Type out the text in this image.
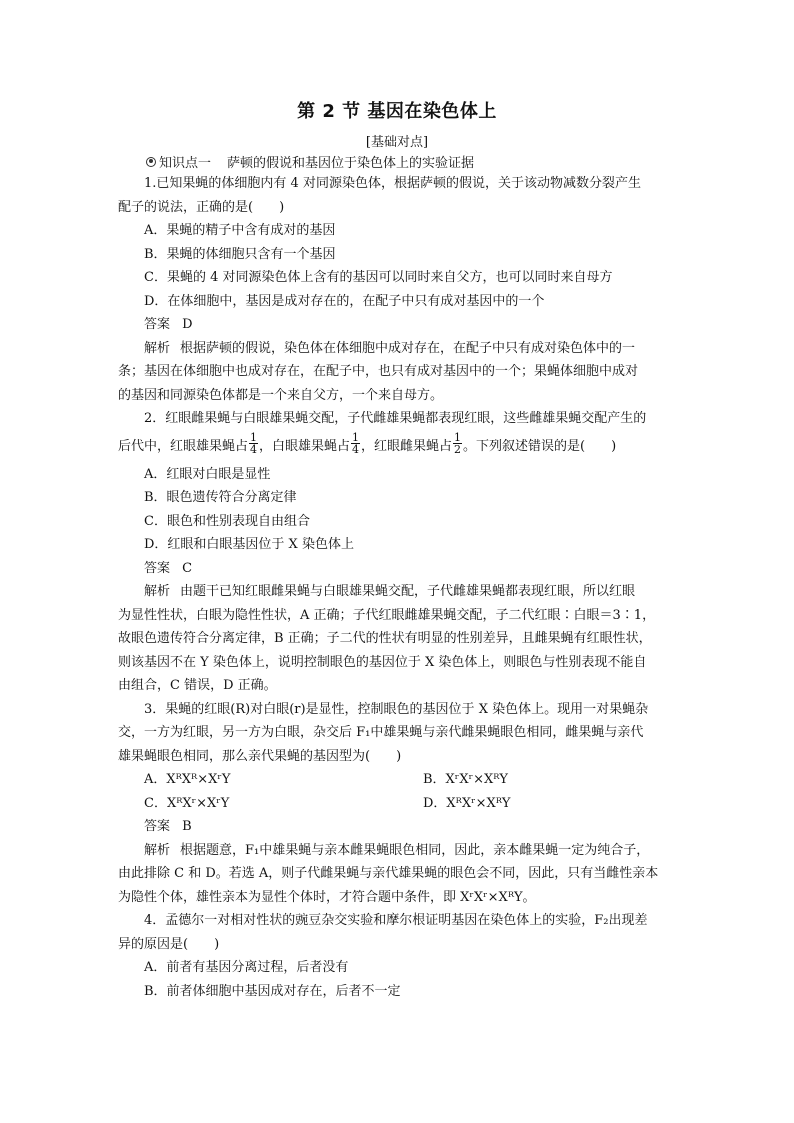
第 2 节 基因在染色体上
[基础对点]
知识点一 萨顿的假说和基因位于染色体上的实验证据
1.已知果蝇的体细胞内有 4 对同源染色体，根据萨顿的假说，关于该动物减数分裂产生
配子的说法，正确的是(　　)
A．果蝇的精子中含有成对的基因
B．果蝇的体细胞只含有一个基因
C．果蝇的 4 对同源染色体上含有的基因可以同时来自父方，也可以同时来自母方
D．在体细胞中，基因是成对存在的，在配子中只有成对基因中的一个
答案 D
解析 根据萨顿的假说，染色体在体细胞中成对存在，在配子中只有成对染色体中的一
条；基因在体细胞中也成对存在，在配子中，也只有成对基因中的一个；果蝇体细胞中成对
的基因和同源染色体都是一个来自父方，一个来自母方。
2．红眼雌果蝇与白眼雄果蝇交配，子代雌雄果蝇都表现红眼，这些雌雄果蝇交配产生的
后代中，红眼雄果蝇占 $\frac{1}{4}$ ，白眼雄果蝇占 $\frac{1}{4}$ ，红眼雌果蝇占 $\frac{1}{2}$ 。下列叙述错误的是(　　)
A．红眼对白眼是显性
B．眼色遗传符合分离定律
C．眼色和性别表现自由组合
D．红眼和白眼基因位于 X 染色体上
答案 C
解析 由题干已知红眼雌果蝇与白眼雄果蝇交配，子代雌雄果蝇都表现红眼，所以红眼
为显性性状，白眼为隐性性状，A 正确；子代红眼雌雄果蝇交配，子二代红眼∶白眼＝3∶1，
故眼色遗传符合分离定律，B 正确；子二代的性状有明显的性别差异，且雌果蝇有红眼性状，
则该基因不在 Y 染色体上，说明控制眼色的基因位于 X 染色体上，则眼色与性别表现不能自
由组合，C 错误，D 正确。
3．果蝇的红眼(R)对白眼(r)是显性，控制眼色的基因位于 X 染色体上。现用一对果蝇杂
交，一方为红眼，另一方为白眼，杂交后 F₁中雄果蝇与亲代雌果蝇眼色相同，雌果蝇与亲代
雄果蝇眼色相同，那么亲代果蝇的基因型为(　　)
A．XᴿXᴿ×XʳY	B．XʳXʳ×XᴿY
C．XᴿXʳ×XʳY	D．XᴿXʳ×XᴿY
答案 B
解析 根据题意，F₁中雄果蝇与亲本雌果蝇眼色相同，因此，亲本雌果蝇一定为纯合子，
由此排除 C 和 D。若选 A，则子代雌果蝇与亲代雄果蝇的眼色会不同，因此，只有当雌性亲本
为隐性个体，雄性亲本为显性个体时，才符合题中条件，即 XʳXʳ×XᴿY。
4．孟德尔一对相对性状的豌豆杂交实验和摩尔根证明基因在染色体上的实验，F₂出现差
异的原因是(　　)
A．前者有基因分离过程，后者没有
B．前者体细胞中基因成对存在，后者不一定
